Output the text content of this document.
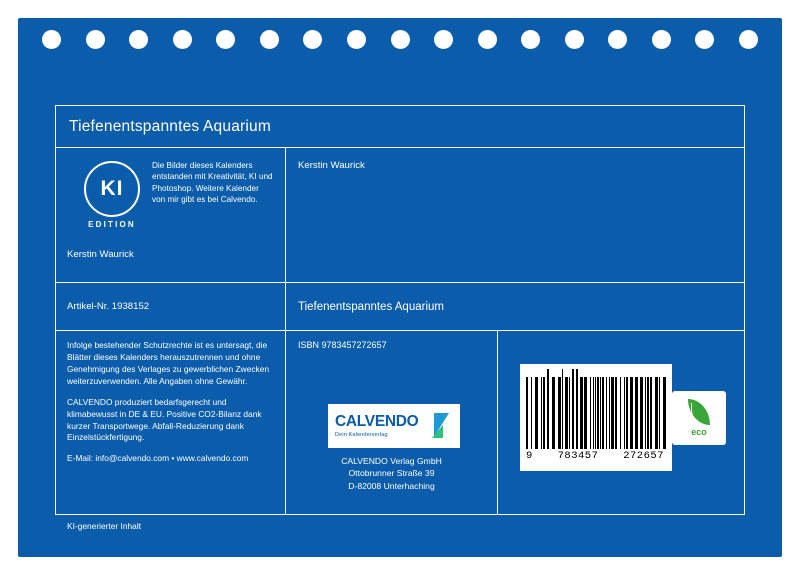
Tiefenentspanntes Aquarium
KI
EDITION
Die Bilder dieses Kalenders entstanden mit Kreativität, KI und Photoshop. Weitere Kalender von mir gibt es bei Calvendo.
Kerstin Waurick
Kerstin Waurick
Artikel-Nr. 1938152	Tiefenentspanntes Aquarium

Infolge bestehender Schutzrechte ist es untersagt, die Blätter dieses Kalenders herauszutrennen und ohne Genehmigung des Verlages zu gewerblichen Zwecken weiterzuverwenden. Alle Angaben ohne Gewähr.

CALVENDO produziert bedarfsgerecht und klimabewusst in DE & EU. Positive CO2-Bilanz dank kurzer Transportwege. Abfall-Reduzierung dank Einzelstückfertigung.

E-Mail: info@calvendo.com • www.calvendo.com

KI-generierter Inhalt
ISBN 9783457272657
CALVENDO
Dein Kalenderverlag
CALVENDO Verlag GmbH
Ottobrunner Straße 39
D-82008 Unterhaching
9 783457 272657
eco
